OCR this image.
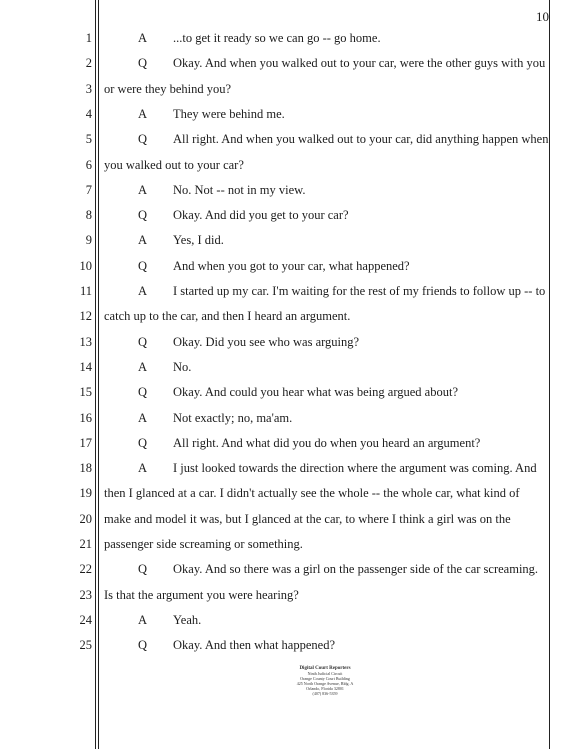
10
1	A ...to get it ready so we can go -- go home.
2	Q Okay. And when you walked out to your car, were the other guys with you
3 or were they behind you?
4	A They were behind me.
5	Q All right. And when you walked out to your car, did anything happen when
6 you walked out to your car?
7	A No. Not -- not in my view.
8	Q Okay. And did you get to your car?
9	A Yes, I did.
10	Q And when you got to your car, what happened?
11	A I started up my car. I'm waiting for the rest of my friends to follow up -- to
12 catch up to the car, and then I heard an argument.
13	Q Okay. Did you see who was arguing?
14	A No.
15	Q Okay. And could you hear what was being argued about?
16	A Not exactly; no, ma'am.
17	Q All right. And what did you do when you heard an argument?
18	A I just looked towards the direction where the argument was coming. And
19 then I glanced at a car. I didn't actually see the whole -- the whole car, what kind of
20 make and model it was, but I glanced at the car, to where I think a girl was on the
21 passenger side screaming or something.
22	Q Okay. And so there was a girl on the passenger side of the car screaming.
23 Is that the argument you were hearing?
24	A Yeah.
25	Q Okay. And then what happened?
Digital Court Reporters
Ninth Judicial Circuit
Orange County Court Building
425 North Orange Avenue, Bldg. A
Orlando, Florida 32801
(407) 836-5359
